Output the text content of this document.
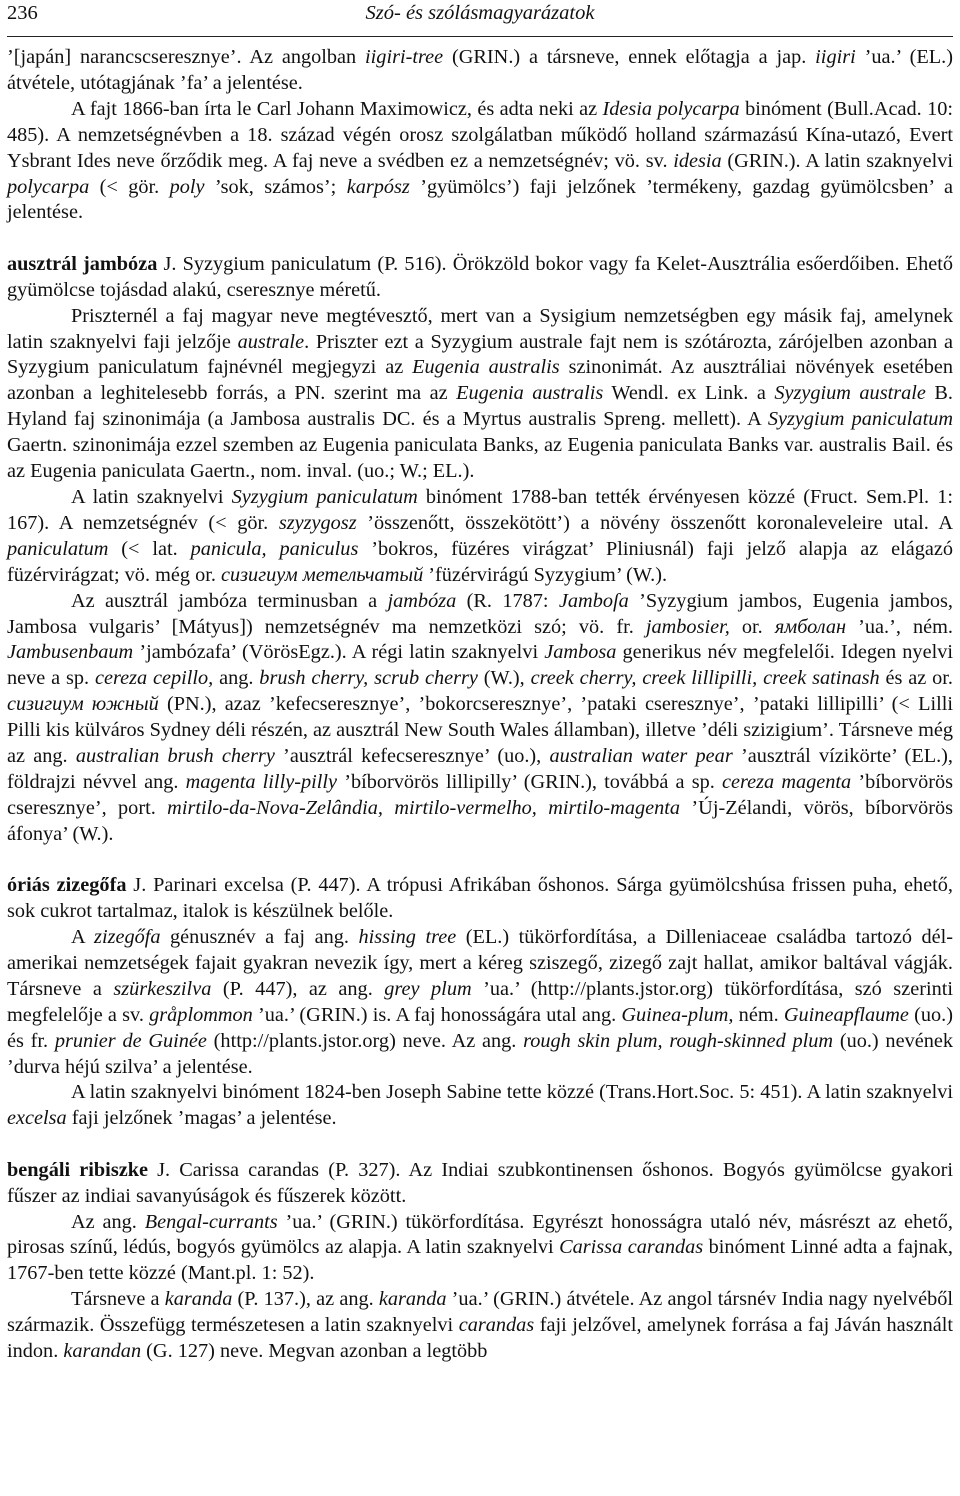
236	Szó- és szólásmagyarázatok

’[japán] narancscseresznye’. Az angolban iigiri-tree (GRIN.) a társneve, ennek előtagja a jap. iigiri ’ua.’ (EL.) átvétele, utótagjának ’fa’ a jelentése.

A fajt 1866-ban írta le Carl Johann Maximowicz, és adta neki az Idesia polycarpa binóment (Bull.Acad. 10: 485). A nemzetségnévben a 18. század végén orosz szolgálatban működő holland származású Kína-utazó, Evert Ysbrant Ides neve őrződik meg. A faj neve a svédben ez a nemzetségnév; vö. sv. idesia (GRIN.). A latin szaknyelvi polycarpa (< gör. poly ’sok, számos’; karpósz ’gyümölcs’) faji jelzőnek ’termékeny, gazdag gyümölcsben’ a jelentése.

ausztrál jambóza J. Syzygium paniculatum (P. 516). Örökzöld bokor vagy fa Kelet-Ausztrália esőerdőiben. Ehető gyümölcse tojásdad alakú, cseresznye méretű.

Priszternél a faj magyar neve megtévesztő, mert van a Sysigium nemzetségben egy másik faj, amelynek latin szaknyelvi faji jelzője australe. Priszter ezt a Syzygium australe fajt nem is szótározta, zárójelben azonban a Syzygium paniculatum fajnévnél megjegyzi az Eugenia australis szinonimát. Az ausztráliai növények esetében azonban a leghitelesebb forrás, a PN. szerint ma az Eugenia australis Wendl. ex Link. a Syzygium australe B. Hyland faj szinonimája (a Jambosa australis DC. és a Myrtus australis Spreng. mellett). A Syzygium paniculatum Gaertn. szinonimája ezzel szemben az Eugenia paniculata Banks, az Eugenia paniculata Banks var. australis Bail. és az Eugenia paniculata Gaertn., nom. inval. (uo.; W.; EL.).

A latin szaknyelvi Syzygium paniculatum binóment 1788-ban tették érvényesen közzé (Fruct. Sem.Pl. 1: 167). A nemzetségnév (< gör. szyzygosz ’összenőtt, összekötött’) a növény összenőtt koronaleveleire utal. A paniculatum (< lat. panicula, paniculus ’bokros, füzéres virágzat’ Pliniusnál) faji jelző alapja az elágazó füzérvirágzat; vö. még or. сизигиум метельчатый ’füzérvirágú Syzygium’ (W.).

Az ausztrál jambóza terminusban a jambóza (R. 1787: Jamboſa ’Syzygium jambos, Eugenia jambos, Jambosa vulgaris’ [Mátyus]) nemzetségnév ma nemzetközi szó; vö. fr. jambosier, or. ямболан ’ua.’, ném. Jambusenbaum ’jambózafa’ (VörösEgz.). A régi latin szaknyelvi Jambosa generikus név megfelelői. Idegen nyelvi neve a sp. cereza cepillo, ang. brush cherry, scrub cherry (W.), creek cherry, creek lillipilli, creek satinash és az or. сизигиум южный (PN.), azaz ’kefecseresznye’, ’bokorcseresznye’, ’pataki cseresznye’, ’pataki lillipilli’ (< Lilli Pilli kis külváros Sydney déli részén, az ausztrál New South Wales államban), illetve ’déli szizigium’. Társneve még az ang. australian brush cherry ’ausztrál kefecseresznye’ (uo.), australian water pear ’ausztrál vízikörte’ (EL.), földrajzi névvel ang. magenta lilly-pilly ’bíborvörös lillipilly’ (GRIN.), továbbá a sp. cereza magenta ’bíborvörös cseresznye’, port. mirtilo-da-Nova-Zelândia, mirtilo-vermelho, mirtilo-magenta ’Új-Zélandi, vörös, bíborvörös áfonya’ (W.).

óriás zizegőfa J. Parinari excelsa (P. 447). A trópusi Afrikában őshonos. Sárga gyümölcshúsa frissen puha, ehető, sok cukrot tartalmaz, italok is készülnek belőle.

A zizegőfa génusznév a faj ang. hissing tree (EL.) tükörfordítása, a Dilleniaceae családba tartozó dél-amerikai nemzetségek fajait gyakran nevezik így, mert a kéreg sziszegő, zizegő zajt hallat, amikor baltával vágják. Társneve a szürkeszilva (P. 447), az ang. grey plum ’ua.’ (http://plants.jstor.org) tükörfordítása, szó szerinti megfelelője a sv. gråplommon ’ua.’ (GRIN.) is. A faj honosságára utal ang. Guinea-plum, ném. Guineapflaume (uo.) és fr. prunier de Guinée (http://plants.jstor.org) neve. Az ang. rough skin plum, rough-skinned plum (uo.) nevének ’durva héjú szilva’ a jelentése.

A latin szaknyelvi binóment 1824-ben Joseph Sabine tette közzé (Trans.Hort.Soc. 5: 451). A latin szaknyelvi excelsa faji jelzőnek ’magas’ a jelentése.

bengáli ribiszke J. Carissa carandas (P. 327). Az Indiai szubkontinensen őshonos. Bogyós gyümölcse gyakori fűszer az indiai savanyúságok és fűszerek között.

Az ang. Bengal-currants ’ua.’ (GRIN.) tükörfordítása. Egyrészt honosságra utaló név, másrészt az ehető, pirosas színű, lédús, bogyós gyümölcs az alapja. A latin szaknyelvi Carissa carandas binóment Linné adta a fajnak, 1767-ben tette közzé (Mant.pl. 1: 52).

Társneve a karanda (P. 137.), az ang. karanda ’ua.’ (GRIN.) átvétele. Az angol társnév India nagy nyelvéből származik. Összefügg természetesen a latin szaknyelvi carandas faji jelzővel, amelynek forrása a faj Jáván használt indon. karandan (G. 127) neve. Megvan azonban a legtöbb
